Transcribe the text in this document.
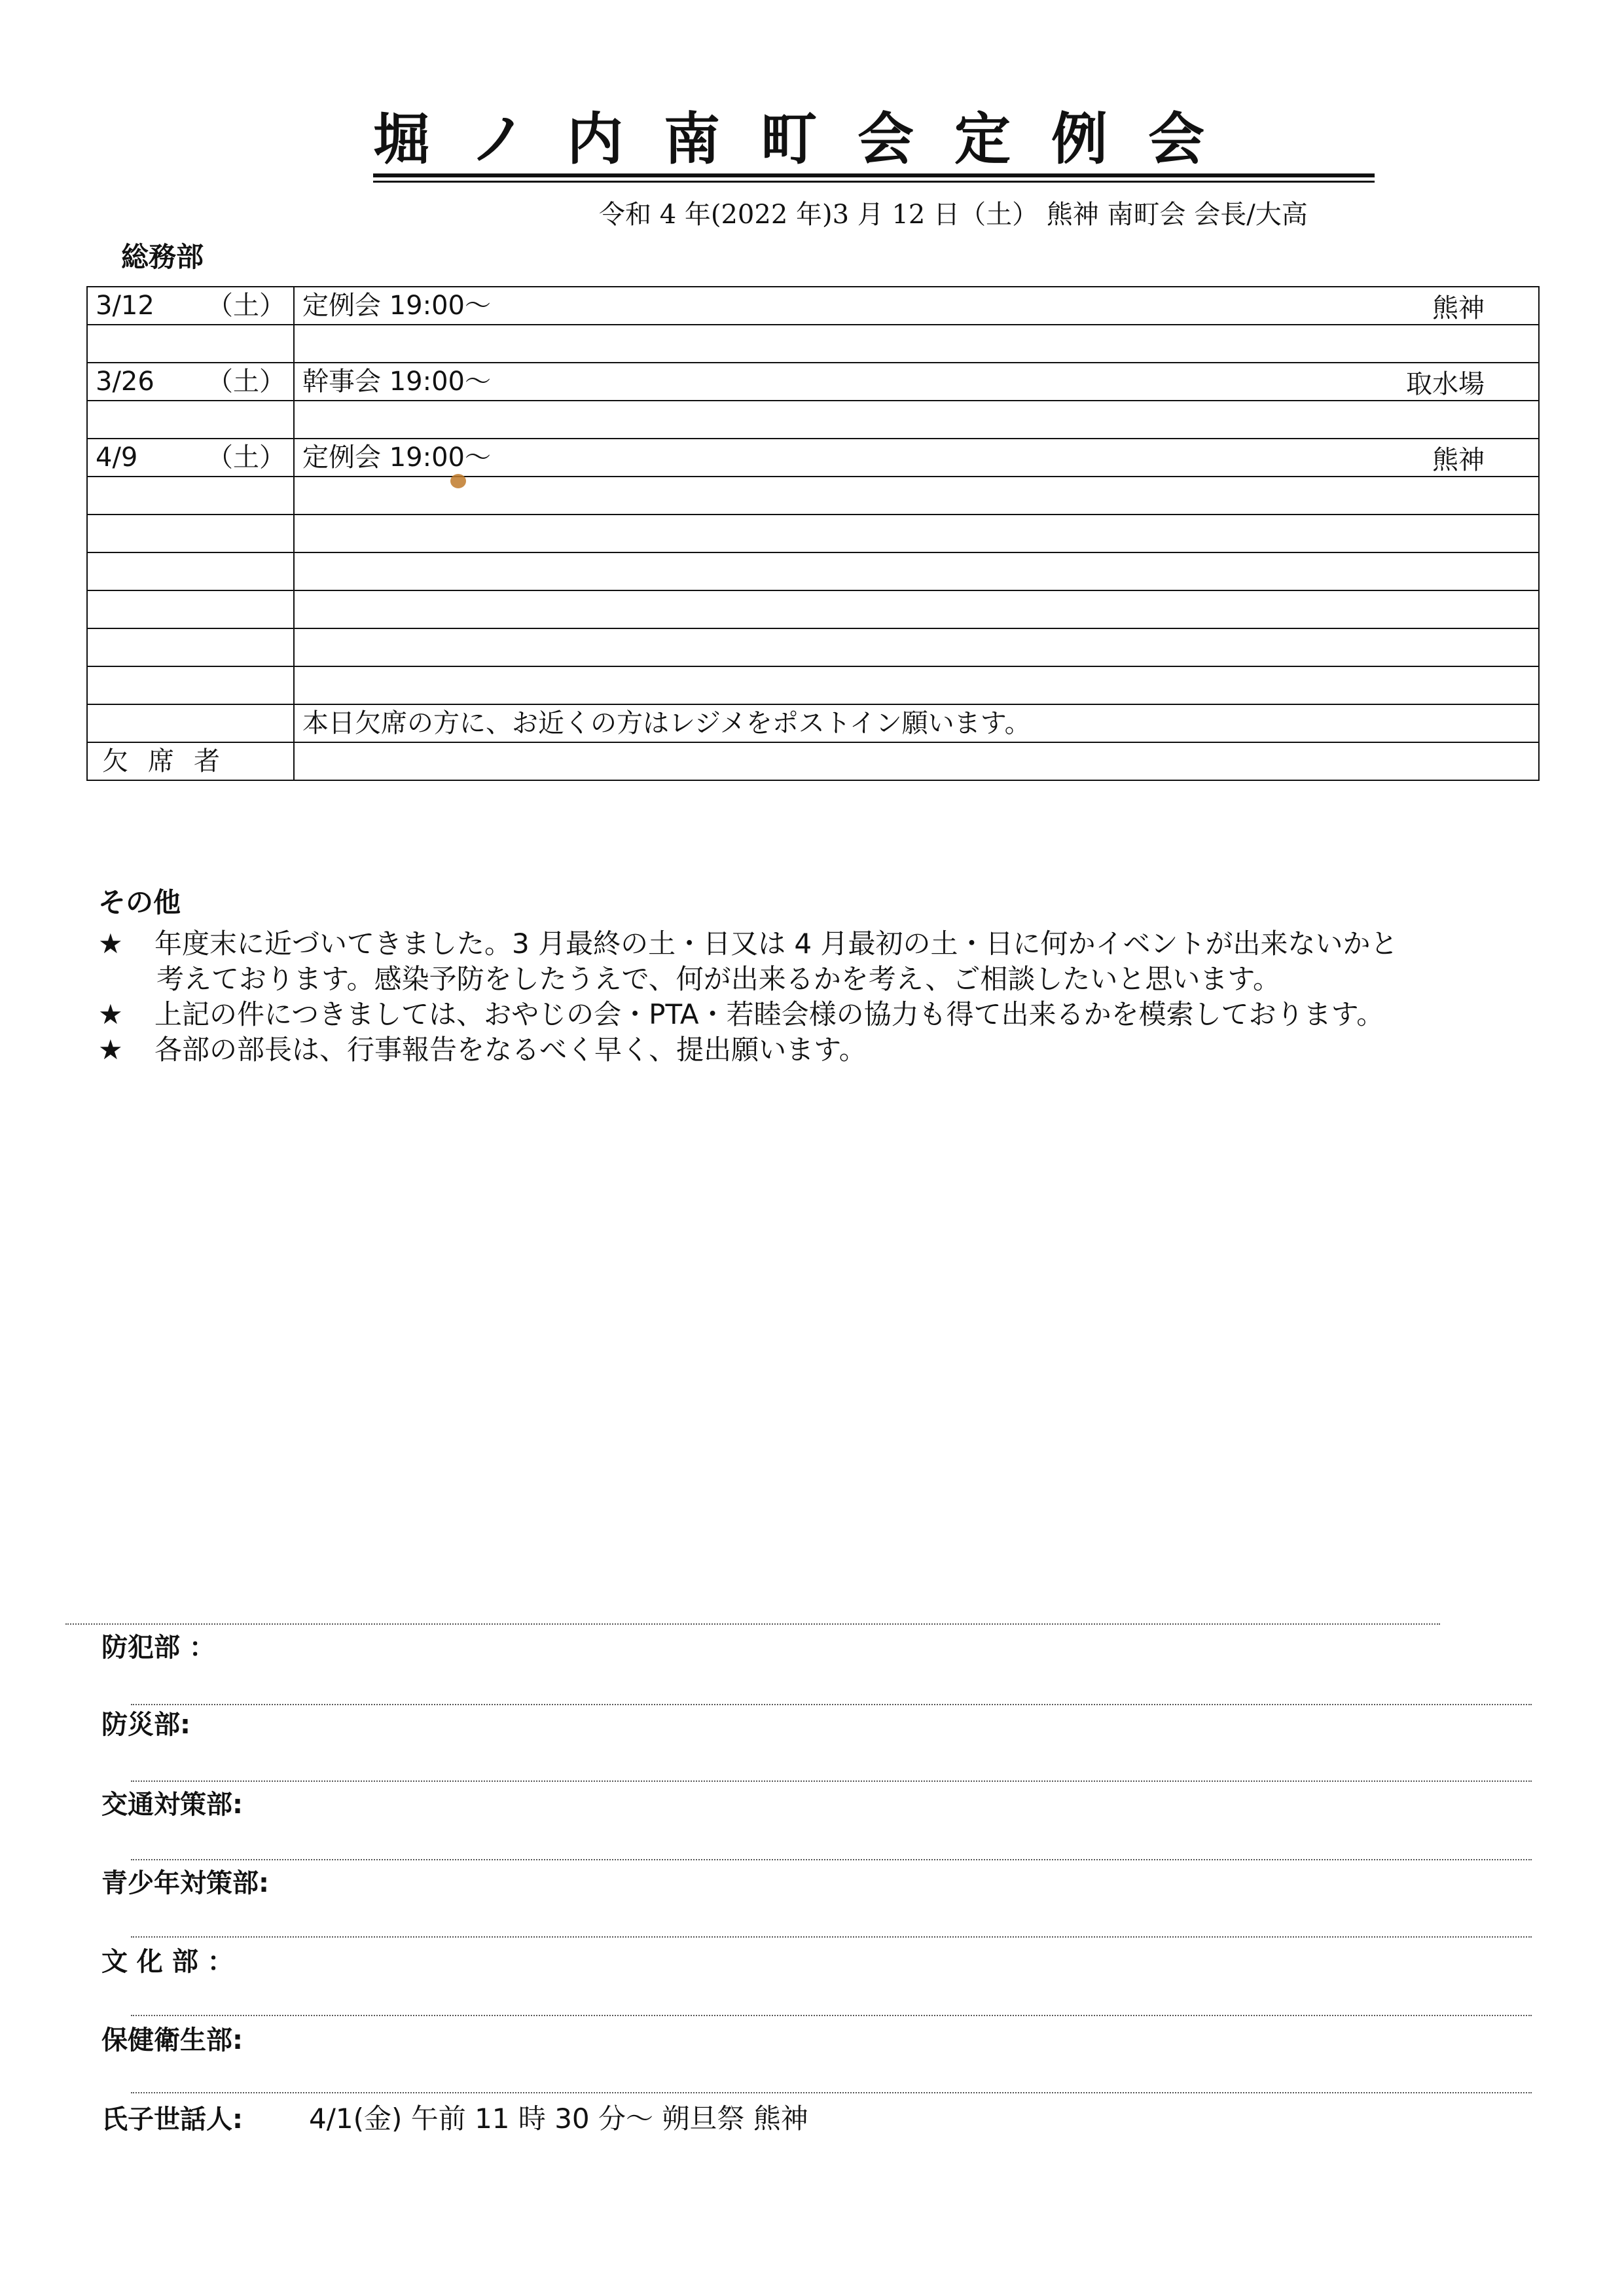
堀ノ内南町会定例会
令和 4 年(2022 年)3 月 12 日（土） 熊神 南町会 会長/大高
総務部
3/12 （土）	定例会 19:00～ 熊神

3/26 （土）	幹事会 19:00～ 取水場

4/9 （土）	定例会 19:00～ 熊神

	本日欠席の方に、お近くの方はレジメをポストイン願います。

欠席者	
その他
★	年度末に近づいてきました。3 月最終の土・日又は 4 月最初の土・日に何かイベントが出来ないかと
考えております。感染予防をしたうえで、何が出来るかを考え、ご相談したいと思います。
★	上記の件につきましては、おやじの会・PTA・若睦会様の協力も得て出来るかを模索しております。
★	各部の部長は、行事報告をなるべく早く、提出願います。
防犯部 ：
防災部:
交通対策部:
青少年対策部:
文 化 部 ：
保健衛生部:
氏子世話人: 4/1(金) 午前 11 時 30 分～ 朔旦祭 熊神
